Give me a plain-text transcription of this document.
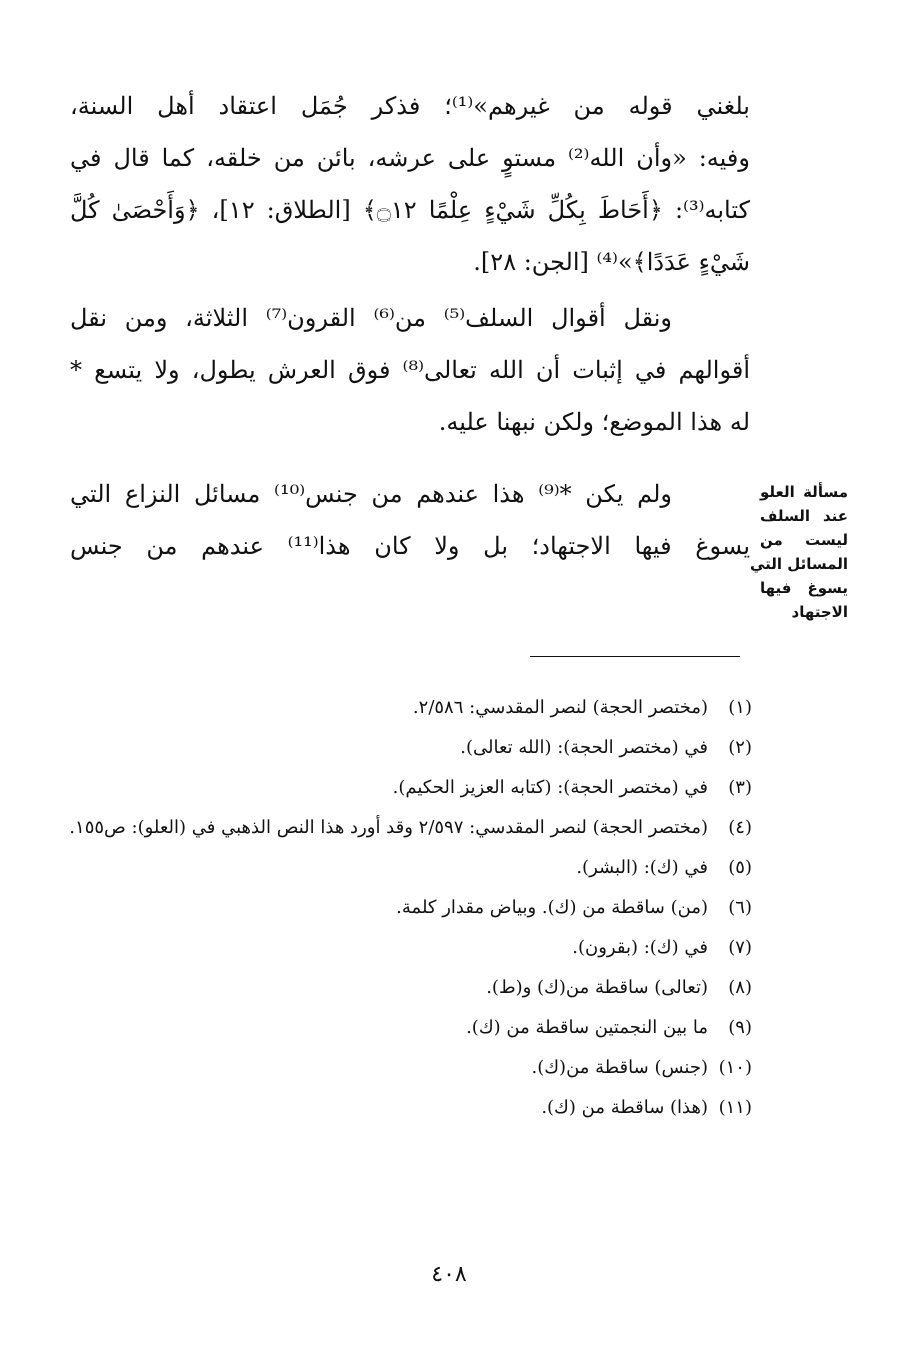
بلغني قوله من غيرهم»⁽¹⁾؛ فذكر جُمَل اعتقاد أهل السنة،
وفيه: «وأن الله⁽²⁾ مستوٍ على عرشه، بائن من خلقه، كما قال في
كتابه⁽³⁾: ﴿أَحَاطَ بِكُلِّ شَيْءٍ عِلْمًا ۝١٢﴾ [الطلاق: ١٢]، ﴿وَأَحْصَىٰ كُلَّ
شَيْءٍ عَدَدًا﴾»⁽⁴⁾ [الجن: ٢٨].
ونقل أقوال السلف⁽⁵⁾ من⁽⁶⁾ القرون⁽⁷⁾ الثلاثة، ومن نقل
أقوالهم في إثبات أن الله تعالى⁽⁸⁾ فوق العرش يطول، ولا يتسع *
له هذا الموضع؛ ولكن نبهنا عليه.
ولم يكن *⁽⁹⁾ هذا عندهم من جنس⁽¹⁰⁾ مسائل النزاع التي
يسوغ فيها الاجتهاد؛ بل ولا كان هذا⁽¹¹⁾ عندهم من جنس
مسألة العلو
عند السلف
ليست من
المسائل التي
يسوغ فيها
الاجتهاد
(١)
(مختصر الحجة) لنصر المقدسي: ٢/٥٨٦.
(٢)
في (مختصر الحجة): (الله تعالى).
(٣)
في (مختصر الحجة): (كتابه العزيز الحكيم).
(٤)
(مختصر الحجة) لنصر المقدسي: ٢/٥٩٧ وقد أورد هذا النص الذهبي في (العلو): ص١٥٥.
(٥)
في (ك): (البشر).
(٦)
(من) ساقطة من (ك). وبياض مقدار كلمة.
(٧)
في (ك): (بقرون).
(٨)
(تعالى) ساقطة من(ك) و(ط).
(٩)
ما بين النجمتين ساقطة من (ك).
(١٠)
(جنس) ساقطة من(ك).
(١١)
(هذا) ساقطة من (ك).
٤٠٨
